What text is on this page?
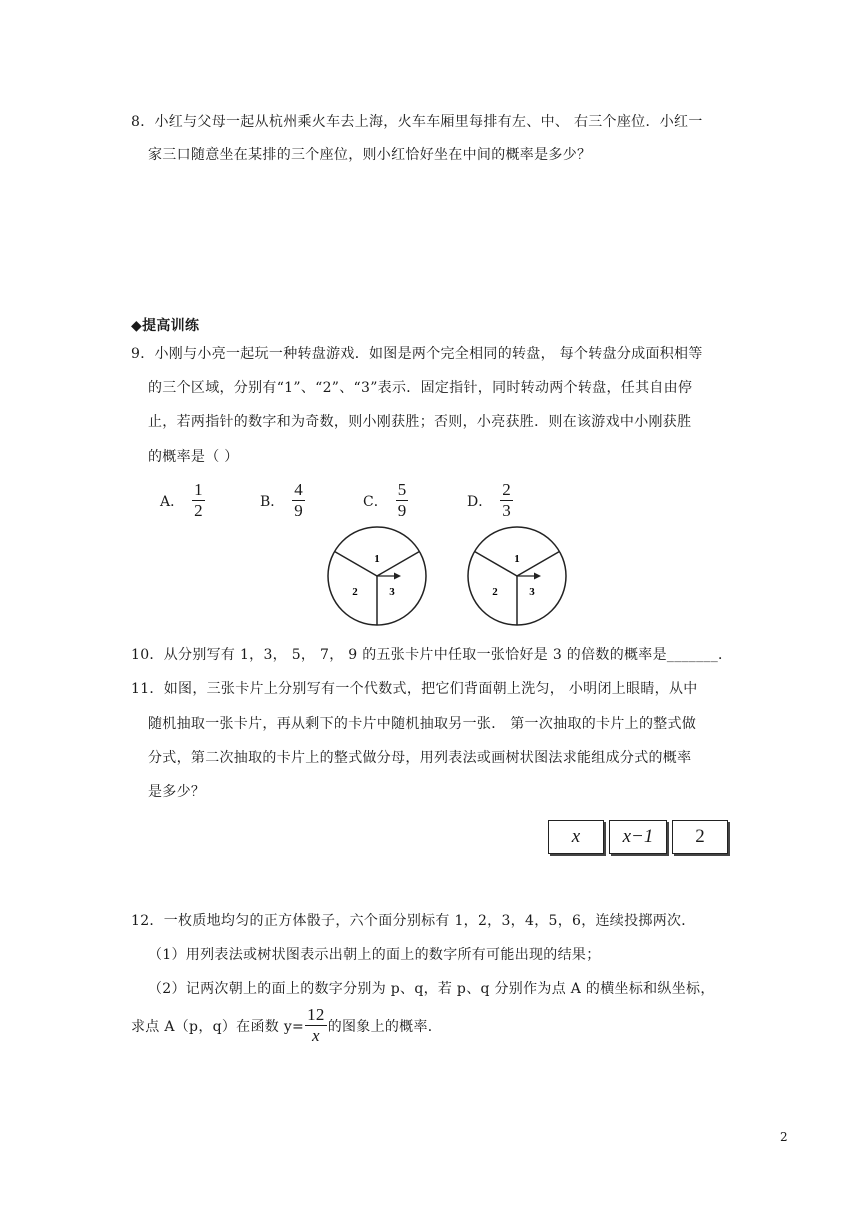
8．小红与父母一起从杭州乘火车去上海，火车车厢里每排有左、中、 右三个座位．小红一
家三口随意坐在某排的三个座位，则小红恰好坐在中间的概率是多少？
◆提高训练
9．小刚与小亮一起玩一种转盘游戏．如图是两个完全相同的转盘， 每个转盘分成面积相等
的三个区域，分别有“1”、“2”、“3”表示．固定指针，同时转动两个转盘，任其自由停
止，若两指针的数字和为奇数，则小刚获胜；否则，小亮获胜．则在该游戏中小刚获胜
的概率是（ ）
A． $\frac{1}{2}$	B． $\frac{4}{9}$	C． $\frac{5}{9}$	D． $\frac{2}{3}$
1
2	3
1
2	3
10．从分别写有 1，3， 5， 7， 9 的五张卡片中任取一张恰好是 3 的倍数的概率是_______．
11．如图，三张卡片上分别写有一个代数式，把它们背面朝上洗匀， 小明闭上眼睛，从中
随机抽取一张卡片，再从剩下的卡片中随机抽取另一张． 第一次抽取的卡片上的整式做
分式，第二次抽取的卡片上的整式做分母，用列表法或画树状图法求能组成分式的概率
是多少？
x	x−1	2
12．一枚质地均匀的正方体骰子，六个面分别标有 1，2，3，4，5，6，连续投掷两次．
（1）用列表法或树状图表示出朝上的面上的数字所有可能出现的结果；
（2）记两次朝上的面上的数字分别为 p、q，若 p、q 分别作为点 A 的横坐标和纵坐标，
求点 A（p，q）在函数 $y= \frac{12}{x}$ 的图象上的概率．
2
